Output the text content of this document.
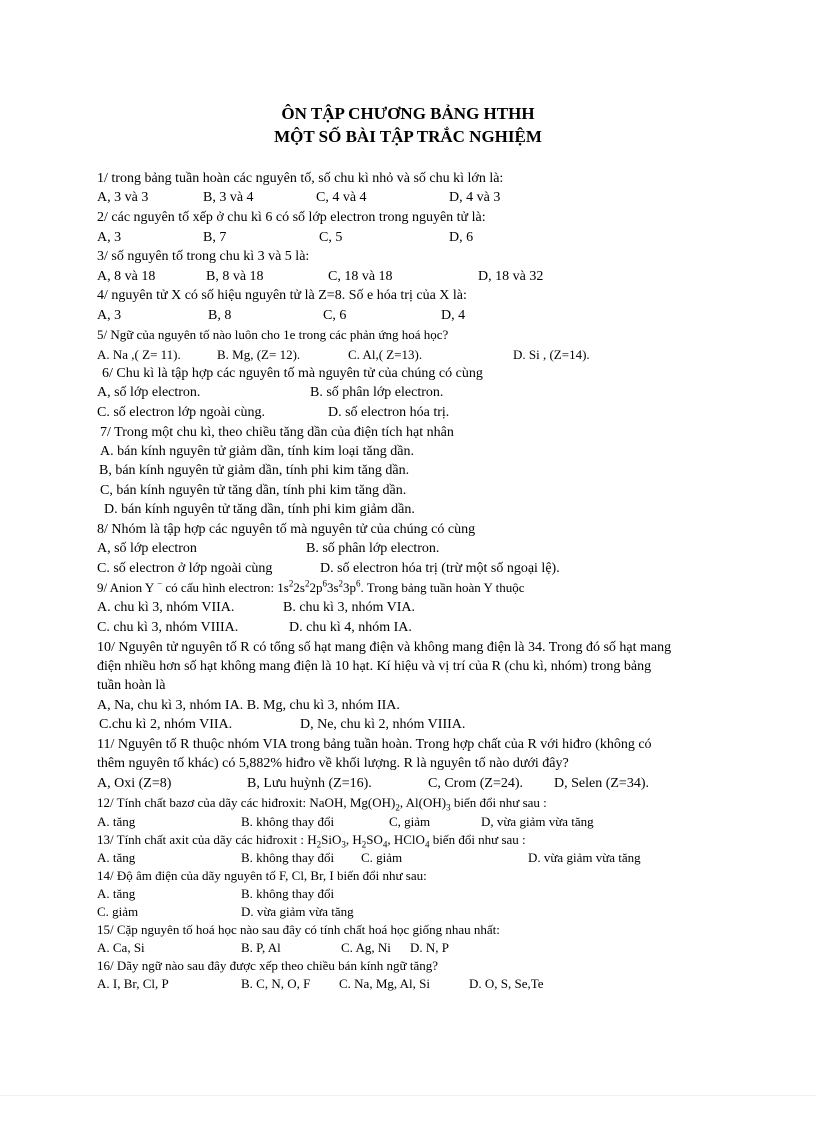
ÔN TẬP CHƯƠNG BẢNG HTHH
MỘT SỐ BÀI TẬP TRẮC NGHIỆM
1/ trong bảng tuần hoàn các nguyên tố, số chu kì nhỏ và số chu kì lớn là:
A, 3 và 3	B, 3 và 4	C, 4 và 4	D, 4 và 3
2/ các nguyên tố xếp ở chu kì 6 có số lớp electron trong nguyên tử là:
A, 3	B, 7	C, 5	D, 6
3/ số nguyên tố trong chu kì 3 và 5 là:
A, 8 và 18	B, 8 và 18	C, 18 và 18	D, 18 và 32
4/ nguyên tử X có số hiệu nguyên tử là Z=8. Số e hóa trị của X là:
A, 3	B, 8	C, 6	D, 4
5/ Ngữ của nguyên tố nào luôn cho 1e trong các phản ứng hoá học?
A. Na ,( Z= 11).	B. Mg, (Z= 12).	C. Al,( Z=13).	D. Si , (Z=14).
6/ Chu kì là tập hợp các nguyên tố mà nguyên tử của chúng có cùng
A, số lớp electron.	B. số phân lớp electron.
C. số electron lớp ngoài cùng.	D. số electron hóa trị.
7/ Trong một chu kì, theo chiều tăng dần của điện tích hạt nhân
A. bán kính nguyên tử giảm dần, tính kim loại tăng dần.
B, bán kính nguyên tử giảm dần, tính phi kim tăng dần.
C, bán kính nguyên tử tăng dần, tính phi kim tăng dần.
D. bán kính nguyên tử tăng dần, tính phi kim giảm dần.
8/ Nhóm là tập hợp các nguyên tố mà nguyên tử của chúng có cùng
A, số lớp electron	B. số phân lớp electron.
C. số electron ở lớp ngoài cùng	D. số electron hóa trị (trừ một số ngoại lệ).
9/ Anion Y − có cấu hình electron: $1s^22s^22p^63s^23p^6$. Trong bảng tuần hoàn Y thuộc
A. chu kì 3, nhóm VIIA.	B. chu kì 3, nhóm VIA.
C. chu kì 3, nhóm VIIIA.	D. chu kì 4, nhóm IA.
10/ Nguyên tử nguyên tố R có tổng số hạt mang điện và không mang điện là 34. Trong đó số hạt mang
điện nhiều hơn số hạt không mang điện là 10 hạt. Kí hiệu và vị trí của R (chu kì, nhóm) trong bảng
tuần hoàn là
A, Na, chu kì 3, nhóm IA. B. Mg, chu kì 3, nhóm IIA.
C.chu kì 2, nhóm VIIA.	D, Ne, chu kì 2, nhóm VIIIA.
11/ Nguyên tố R thuộc nhóm VIA trong bảng tuần hoàn. Trong hợp chất của R với hiđro (không có
thêm nguyên tố khác) có 5,882% hiđro về khối lượng. R là nguyên tố nào dưới đây?
A, Oxi (Z=8)	B, Lưu huỳnh (Z=16).	C, Crom (Z=24). D, Selen (Z=34).
12/ Tính chất bazơ của dãy các hiđroxit: NaOH, $Mg(OH)_2$, $Al(OH)_3$ biến đổi như sau :
A. tăng	B. không thay đổi	C, giảm	D, vừa giảm vừa tăng
13/ Tính chất axit của dãy các hiđroxit : $H_2SiO_3$, $H_2SO_4$, HClO$_4$ biến đổi như sau :
A. tăng	B. không thay đổi C. giảm	D. vừa giảm vừa tăng
14/ Độ âm điện của dãy nguyên tố F, Cl, Br, I biến đổi như sau:
A. tăng	B. không thay đổi
C. giảm	D. vừa giảm vừa tăng
15/ Cặp nguyên tố hoá học nào sau đây có tính chất hoá học giống nhau nhất:
A. Ca, Si	B. P, Al	C. Ag, Ni D. N, P
16/ Dãy ngữ nào sau đây được xếp theo chiều bán kính ngữ tăng?
A. I, Br, Cl, P	B. C, N, O, F C. Na, Mg, Al, Si	D. O, S, Se,Te
